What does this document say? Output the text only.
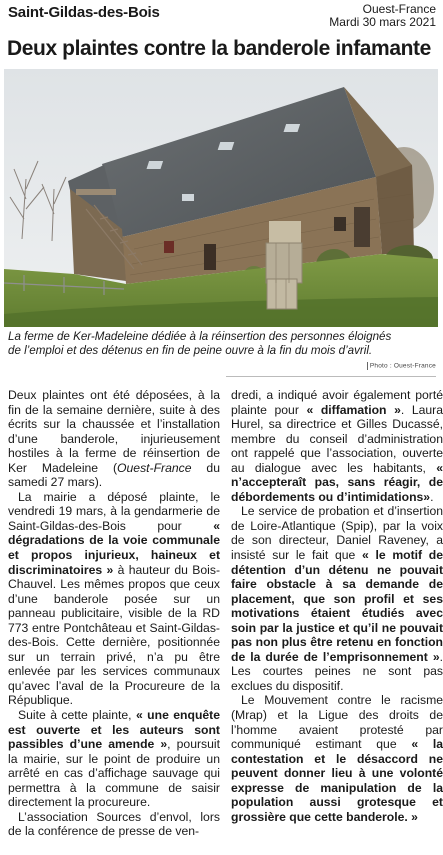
Saint-Gildas-des-Bois	Ouest-France
Mardi 30 mars 2021
Deux plaintes contre la banderole infamante
La ferme de Ker-Madeleine dédiée à la réinsertion des personnes éloignés
de l’emploi et des détenus en fin de peine ouvre à la fin du mois d’avril.
Photo : Ouest-France

Deux plaintes ont été déposées, à la fin de la semaine dernière, suite à des écrits sur la chaussée et l’installation d’une banderole, injurieusement hostiles à la ferme de réinsertion de Ker Madeleine (Ouest-France du samedi 27 mars).

La mairie a déposé plainte, le vendredi 19 mars, à la gendarmerie de Saint-Gildas-des-Bois pour « dégradations de la voie communale et propos injurieux, haineux et discriminatoires » à hauteur du Bois-Chauvel. Les mêmes propos que ceux d’une banderole posée sur un panneau publicitaire, visible de la RD 773 entre Pontchâteau et Saint-Gildas-des-Bois. Cette dernière, positionnée sur un terrain privé, n’a pu être enlevée par les services communaux qu’avec l’aval de la Procureure de la République.

Suite à cette plainte, « une enquête est ouverte et les auteurs sont passibles d’une amende », poursuit la mairie, sur le point de produire un arrêté en cas d’affichage sauvage qui permettra à la commune de saisir directement la procureure.

L’association Sources d’envol, lors de la conférence de presse de ven-

dredi, a indiqué avoir également porté plainte pour « diffamation ». Laura Hurel, sa directrice et Gilles Ducassé, membre du conseil d’administration ont rappelé que l’association, ouverte au dialogue avec les habitants, « n’accepteraît pas, sans réagir, de débordements ou d’intimidations».

Le service de probation et d’insertion de Loire-Atlantique (Spip), par la voix de son directeur, Daniel Raveney, a insisté sur le fait que « le motif de détention d’un détenu ne pouvait faire obstacle à sa demande de placement, que son profil et ses motivations étaient étudiés avec soin par la justice et qu’il ne pouvait pas non plus être retenu en fonction de la durée de l’emprisonnement ». Les courtes peines ne sont pas exclues du dispositif.

Le Mouvement contre le racisme (Mrap) et la Ligue des droits de l’homme avaient protesté par communiqué estimant que « la contestation et le désaccord ne peuvent donner lieu à une volonté expresse de manipulation de la population aussi grotesque et grossière que cette banderole. »
